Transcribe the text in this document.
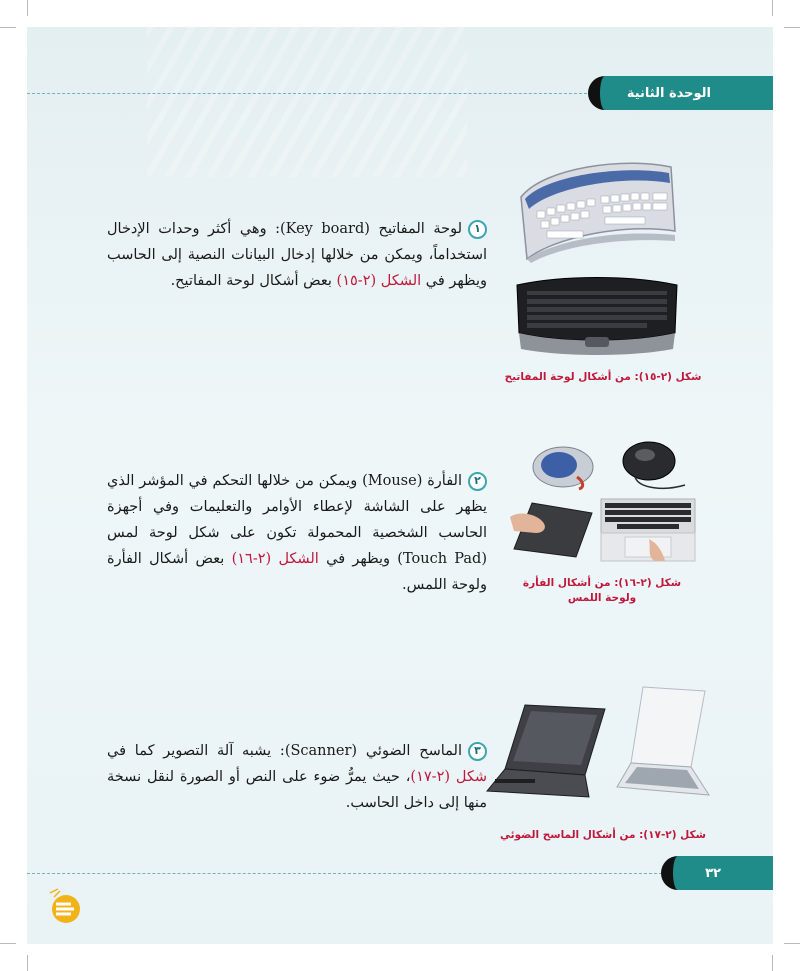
الوحدة الثانية
شكل (٢-١٥): من أشكال لوحة المفاتيح
١لوحة المفاتيح (Key board): وهي أكثر وحدات الإدخال استخداماً، ويمكن من خلالها إدخال البيانات النصية إلى الحاسب ويظهر في الشكل (٢-١٥) بعض أشكال لوحة المفاتيح.
شكل (٢-١٦): من أشكال الفأرة
ولوحة اللمس
٢الفأرة (Mouse) ويمكن من خلالها التحكم في المؤشر الذي يظهر على الشاشة لإعطاء الأوامر والتعليمات وفي أجهزة الحاسب الشخصية المحمولة تكون على شكل لوحة لمس (Touch Pad) ويظهر في الشكل (٢-١٦) بعض أشكال الفأرة ولوحة اللمس.
شكل (٢-١٧): من أشكال الماسح الضوئي
٣الماسح الضوئي (Scanner): يشبه آلة التصوير كما في شكل (٢-١٧)، حيث يمرُّ ضوء على النص أو الصورة لنقل نسخة منها إلى داخل الحاسب.
٣٢
